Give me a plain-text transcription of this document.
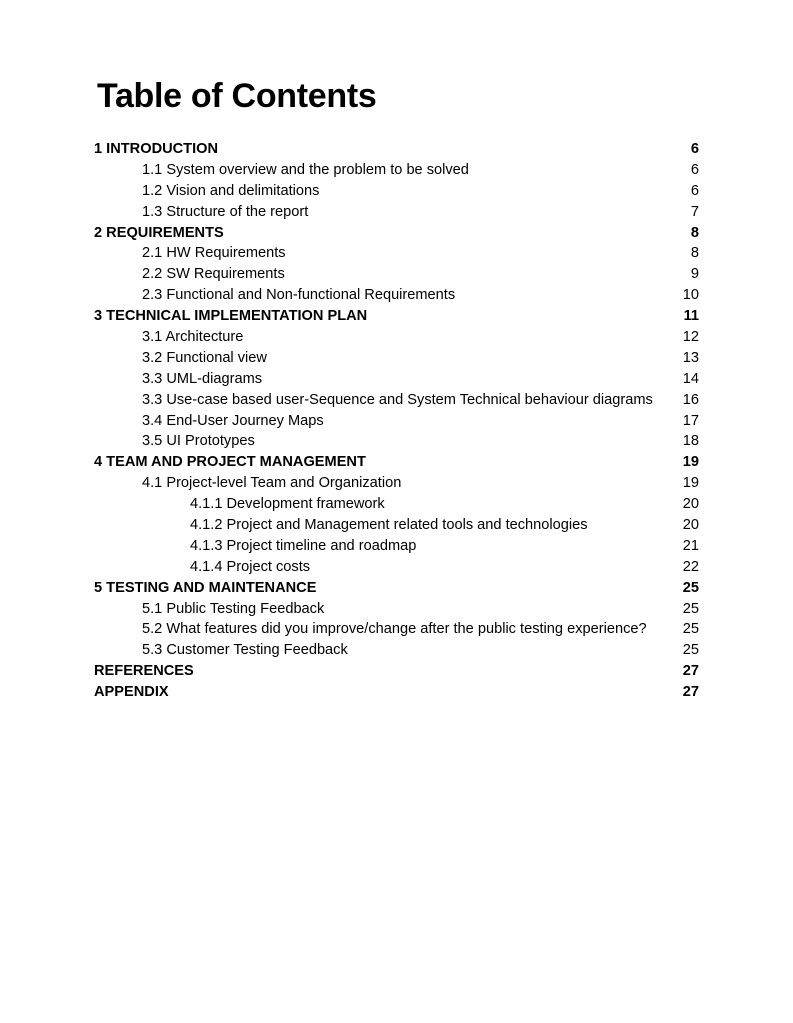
Table of Contents
1 INTRODUCTION	6
1.1 System overview and the problem to be solved	6
1.2 Vision and delimitations	6
1.3 Structure of the report	7
2 REQUIREMENTS	8
2.1 HW Requirements	8
2.2 SW Requirements	9
2.3 Functional and Non-functional Requirements	10
3 TECHNICAL IMPLEMENTATION PLAN	11
3.1 Architecture	12
3.2 Functional view	13
3.3 UML-diagrams	14
3.3 Use-case based user-Sequence and System Technical behaviour diagrams 16
3.4 End-User Journey Maps	17
3.5 UI Prototypes	18
4 TEAM AND PROJECT MANAGEMENT	19
4.1 Project-level Team and Organization	19
4.1.1 Development framework	20
4.1.2 Project and Management related tools and technologies	20
4.1.3 Project timeline and roadmap	21
4.1.4 Project costs	22
5 TESTING AND MAINTENANCE	25
5.1 Public Testing Feedback	25
5.2 What features did you improve/change after the public testing experience? 25
5.3 Customer Testing Feedback	25
REFERENCES	27
APPENDIX	27
